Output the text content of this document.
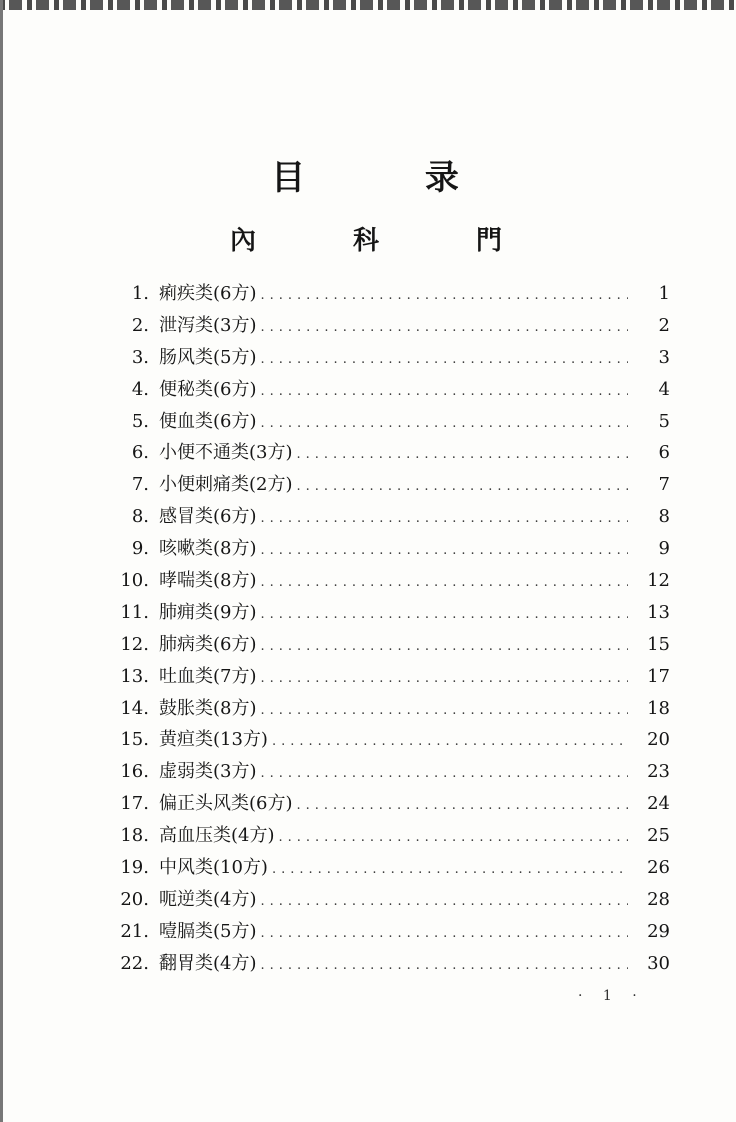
目 录
內 科 門
1. 痢疾类(6方) .....	1
2. 泄泻类(3方) .....	2
3. 肠风类(5方) .....	3
4. 便秘类(6方) .....	4
5. 便血类(6方) .....	5
6. 小便不通类(3方) .....	6
7. 小便刺痛类(2方) .....	7
8. 感冒类(6方) .....	8
9. 咳嗽类(8方) .....	9
10. 哮喘类(8方) .....	12
11. 肺痈类(9方) .....	13
12. 肺病类(6方) .....	15
13. 吐血类(7方) .....	17
14. 鼓胀类(8方) .....	18
15. 黄疸类(13方) .....	20
16. 虚弱类(3方) .....	23
17. 偏正头风类(6方) .....	24
18. 高血压类(4方) .....	25
19. 中风类(10方) .....	26
20. 呃逆类(4方) .....	28
21. 噎膈类(5方) .....	29
22. 翻胃类(4方) .....	30
· 1 ·
